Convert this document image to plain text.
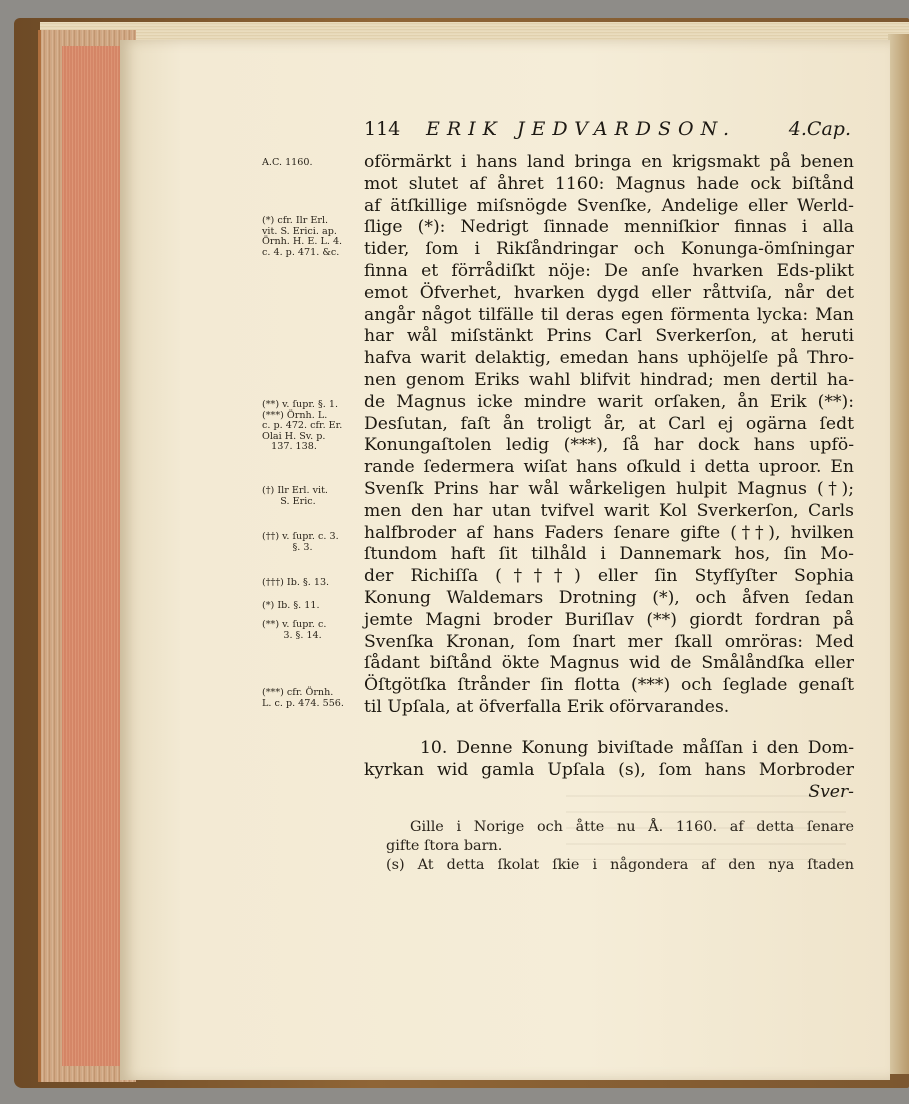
114 ERIK JEDVARDSON.	4.Cap.
A.C. 1160.
(*) cfr. Ilr Erl.
vit. S. Erici. ap.
Örnh. H. E. L. 4.
c. 4. p. 471. &c.
(**) v. ſupr. §. 1.
(***) Örnh. L.
c. p. 472. cfr. Er.
Olai H. Sv. p.
137. 138.
(†) Ilr Erl. vit.
S. Eric.
(††) v. ſupr. c. 3.
§. 3.
(†††) Ib. §. 13.
(*) Ib. §. 11.
(**) v. ſupr. c.
3. §. 14.
(***) cfr. Örnh.
L. c. p. 474. 556.
oförmärkt i hans land bringa en krigsmakt på benen
mot slutet af åhret 1160: Magnus hade ock biſtånd
af ätſkillige miſsnögde Svenſke, Andelige eller Werld-
ſlige (*): Nedrigt ſinnade menniſkior finnas i alla
tider, ſom i Rikſåndringar och Konunga-ömſningar
finna et förrådiſkt nöje: De anſe hvarken Eds-plikt
emot Öfverhet, hvarken dygd eller råttviſa, når det
angår något tilfälle til deras egen förmenta lycka: Man
har wål miſstänkt Prins Carl Sverkerſon, at heruti
hafva warit delaktig, emedan hans uphöjelſe på Thro-
nen genom Eriks wahl blifvit hindrad; men dertil ha-
de Magnus icke mindre warit orſaken, ån Erik (**):
Desſutan, faſt ån troligt år, at Carl ej ogärna ſedt
Konungaſtolen ledig (***), ſå har dock hans upfö-
rande ſedermera wiſat hans oſkuld i detta uproor. En
Svenſk Prins har wål wårkeligen hulpit Magnus (†);
men den har utan tvifvel warit Kol Sverkerſon, Carls
halfbroder af hans Faders ſenare gifte (††), hvilken
ſtundom haft ſit tilhåld i Dannemark hos, ſin Mo-
der Richiſſa (†††) eller ſin Styfſyſter Sophia
Konung Waldemars Drotning (*), och åfven ſedan
jemte Magni broder Buriſlav (**) giordt fordran på
Svenſka Kronan, ſom ſnart mer ſkall omröras: Med
ſådant biſtånd ökte Magnus wid de Smålåndſka eller
Öſtgötſka ſtrånder ſin flotta (***) och ſeglade genaſt
til Upſala, at öfverfalla Erik oförvarandes.
10. Denne Konung biviſtade måſſan i den Dom-
kyrkan wid gamla Upſala (s), ſom hans Morbroder
Sver-
Gille i Norige och åtte nu Å. 1160. af detta ſenare
gifte ſtora barn.
(s) At detta ſkolat ſkie i någondera af den nya ſtaden
